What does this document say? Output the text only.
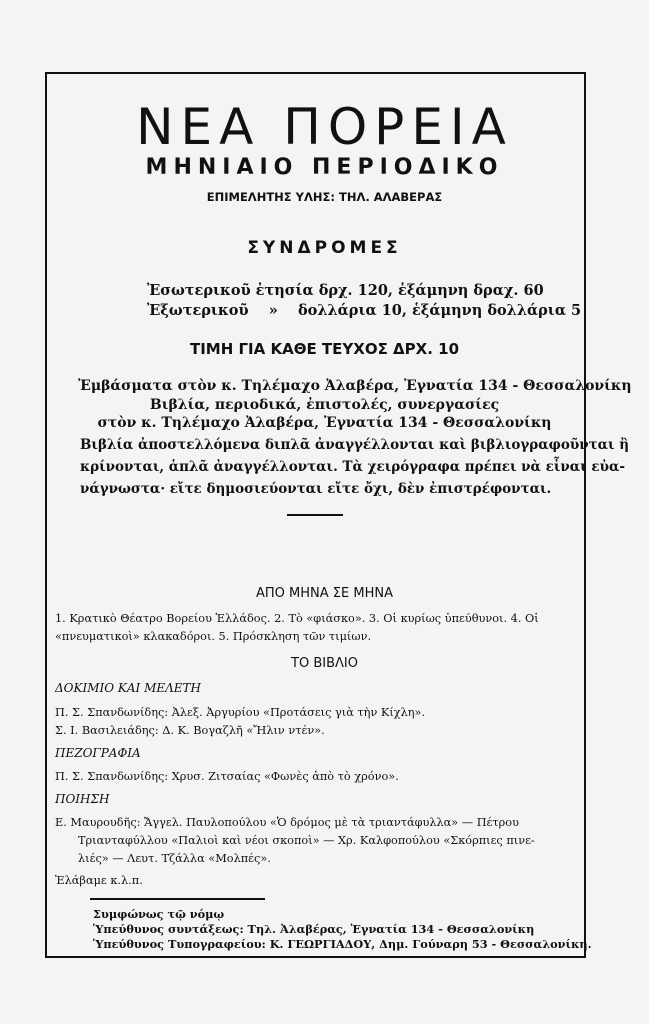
ΝΕΑ ΠΟΡΕΙΑ
ΜΗΝΙΑΙΟ ΠΕΡΙΟΔΙΚΟ
ΕΠΙΜΕΛΗΤΗΣ ΥΛΗΣ: ΤΗΛ. ΑΛΑΒΕΡΑΣ
ΣΥΝΔΡΟΜΕΣ
Ἐσωτερικοῦ ἐτησία δρχ. 120, ἑξάμηνη δραχ. 60
Ἐξωτερικοῦ    »    δολλάρια 10, ἑξάμηνη δολλάρια 5
ΤΙΜΗ ΓΙΑ ΚΑΘΕ ΤΕΥΧΟΣ ΔΡΧ. 10
Ἐμβάσματα στὸν κ. Τηλέμαχο Ἀλαβέρα, Ἐγνατία 134 - Θεσσαλονίκη
Βιβλία, περιοδικά, ἐπιστολές, συνεργασίες
στὸν κ. Τηλέμαχο Ἀλαβέρα, Ἐγνατία 134 - Θεσσαλονίκη
Βιβλία ἀποστελλόμενα διπλᾶ ἀναγγέλλονται καὶ βιβλιογραφοῦνται ἢ
κρίνονται, ἁπλᾶ ἀναγγέλλονται. Τὰ χειρόγραφα πρέπει νὰ εἶναι εὐα-
νάγνωστα· εἴτε δημοσιεύονται εἴτε ὄχι, δὲν ἐπιστρέφονται.
ΑΠΟ ΜΗΝΑ ΣΕ ΜΗΝΑ
1. Κρατικὸ Θέατρο Βορείου Ἑλλάδος. 2. Τὸ «φιάσκο». 3. Οἱ κυρίως ὑπεύθυνοι. 4. Οἱ
«πνευματικοὶ» κλακαδόροι. 5. Πρόσκληση τῶν τιμίων.
ΤΟ ΒΙΒΛΙΟ
ΔΟΚΙΜΙΟ ΚΑΙ ΜΕΛΕΤΗ
Π. Σ. Σπανδωνίδης: Ἀλεξ. Ἀργυρίου «Προτάσεις γιὰ τὴν Κίχλη».
Σ. Ι. Βασιλειάδης: Δ. Κ. Βογαζλῆ «Ἤλιν ντέν».
ΠΕΖΟΓΡΑΦΙΑ
Π. Σ. Σπανδωνίδης: Χρυσ. Ζιτσαίας «Φωνὲς ἀπὸ τὸ χρόνο».
ΠΟΙΗΣΗ
Ε. Μαυρουδῆς: Ἄγγελ. Παυλοπούλου «Ὁ δρόμος μὲ τὰ τριαντάφυλλα» — Πέτρου
Τριανταφύλλου «Παλιοὶ καὶ νέοι σκοποὶ» — Χρ. Καλφοπούλου «Σκόρπιες πινε-
λιές» — Λευτ. Τζάλλα «Μολπές».
Ἐλάβαμε κ.λ.π.
Συμφώνως τῷ νόμῳ
Ὑπεύθυνος συντάξεως: Τηλ. Ἀλαβέρας, Ἐγνατία 134 - Θεσσαλονίκη
Ὑπεύθυνος Τυπογραφείου: Κ. ΓΕΩΡΓΙΑΔΟΥ, Δημ. Γούναρη 53 - Θεσσαλονίκη.
